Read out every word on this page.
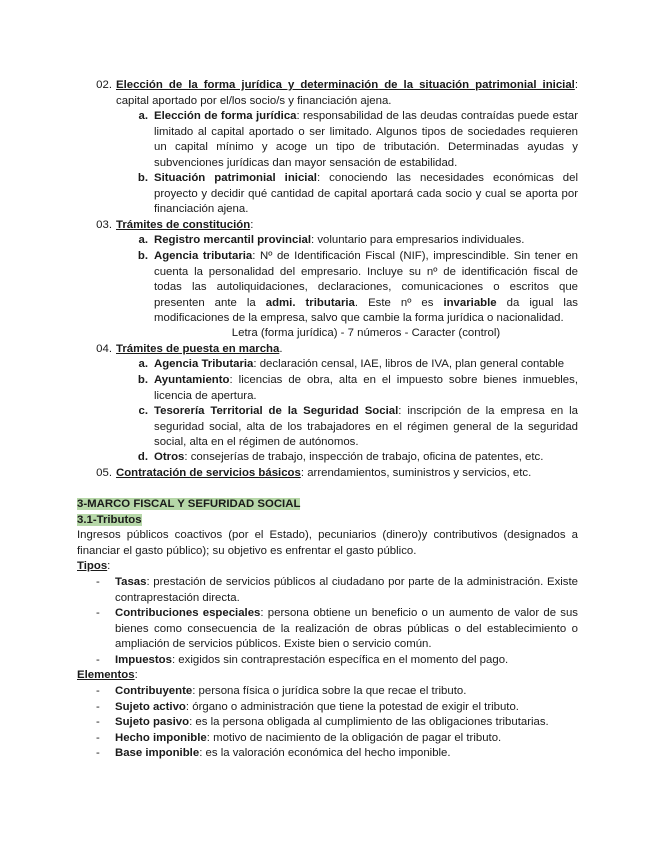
02. Elección de la forma jurídica y determinación de la situación patrimonial inicial: capital aportado por el/los socio/s y financiación ajena.
a. Elección de forma jurídica: responsabilidad de las deudas contraídas puede estar limitado al capital aportado o ser limitado. Algunos tipos de sociedades requieren un capital mínimo y acoge un tipo de tributación. Determinadas ayudas y subvenciones jurídicas dan mayor sensación de estabilidad.
b. Situación patrimonial inicial: conociendo las necesidades económicas del proyecto y decidir qué cantidad de capital aportará cada socio y cual se aporta por financiación ajena.
03. Trámites de constitución:
a. Registro mercantil provincial: voluntario para empresarios individuales.
b. Agencia tributaria: Nº de Identificación Fiscal (NIF), imprescindible. Sin tener en cuenta la personalidad del empresario. Incluye su nº de identificación fiscal de todas las autoliquidaciones, declaraciones, comunicaciones o escritos que presenten ante la admi. tributaria. Este nº es invariable da igual las modificaciones de la empresa, salvo que cambie la forma jurídica o nacionalidad.
Letra (forma jurídica) - 7 números - Caracter (control)
04. Trámites de puesta en marcha.
a. Agencia Tributaria: declaración censal, IAE, libros de IVA, plan general contable
b. Ayuntamiento: licencias de obra, alta en el impuesto sobre bienes inmuebles, licencia de apertura.
c. Tesorería Territorial de la Seguridad Social: inscripción de la empresa en la seguridad social, alta de los trabajadores en el régimen general de la seguridad social, alta en el régimen de autónomos.
d. Otros: consejerías de trabajo, inspección de trabajo, oficina de patentes, etc.
05. Contratación de servicios básicos: arrendamientos, suministros y servicios, etc.
3-MARCO FISCAL Y SEFURIDAD SOCIAL
3.1-Tributos
Ingresos públicos coactivos (por el Estado), pecuniarios (dinero)y contributivos (designados a financiar el gasto público); su objetivo es enfrentar el gasto público.
Tipos:
- Tasas: prestación de servicios públicos al ciudadano por parte de la administración. Existe contraprestación directa.
- Contribuciones especiales: persona obtiene un beneficio o un aumento de valor de sus bienes como consecuencia de la realización de obras públicas o del establecimiento o ampliación de servicios públicos. Existe bien o servicio común.
- Impuestos: exigidos sin contraprestación específica en el momento del pago.
Elementos:
- Contribuyente: persona física o jurídica sobre la que recae el tributo.
- Sujeto activo: órgano o administración que tiene la potestad de exigir el tributo.
- Sujeto pasivo: es la persona obligada al cumplimiento de las obligaciones tributarias.
- Hecho imponible: motivo de nacimiento de la obligación de pagar el tributo.
- Base imponible: es la valoración económica del hecho imponible.
